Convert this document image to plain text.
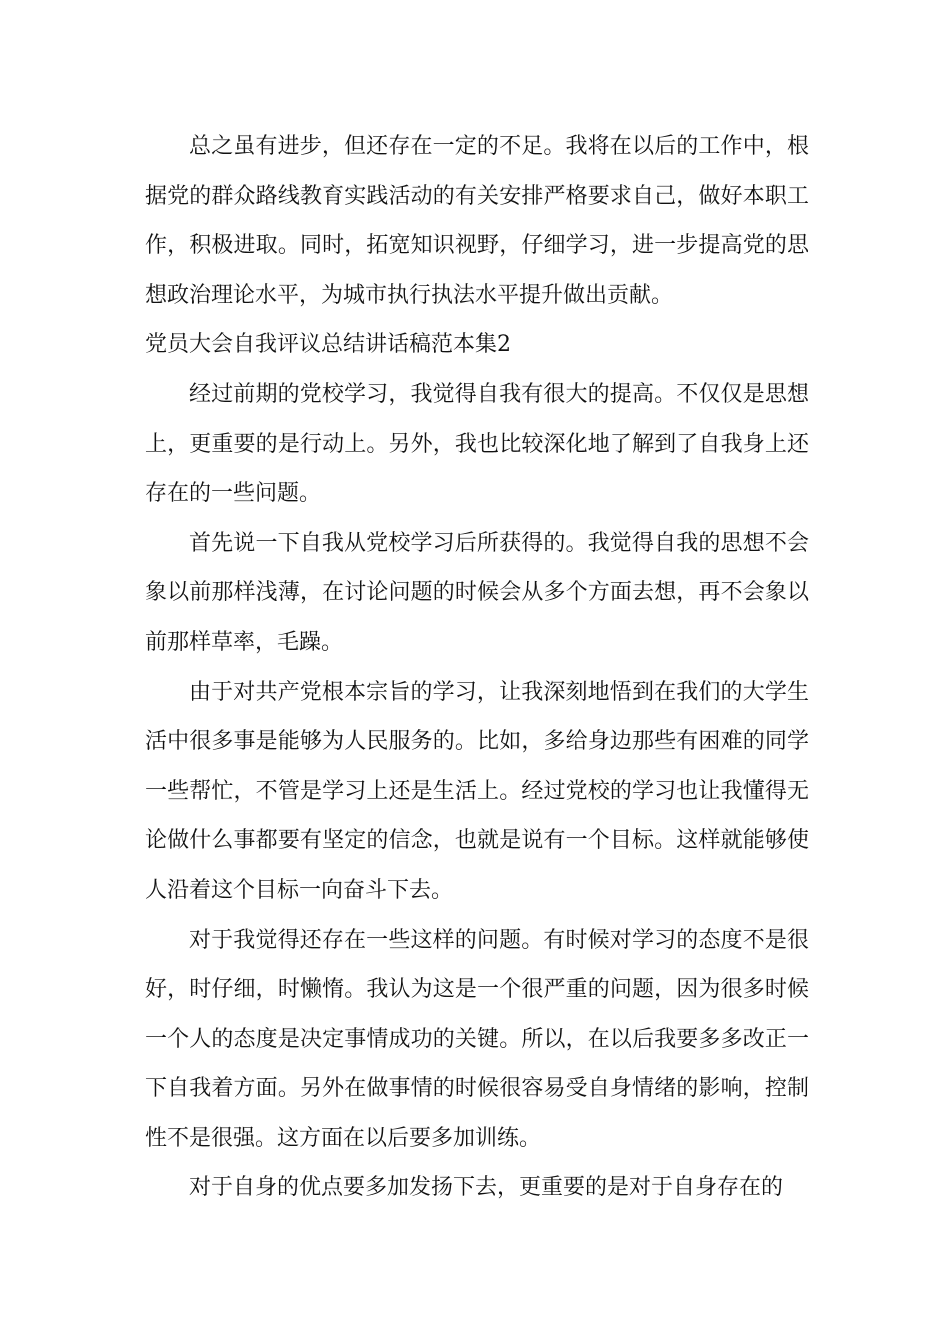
总之虽有进步，但还存在一定的不足。我将在以后的工作中，根据党的群众路线教育实践活动的有关安排严格要求自己，做好本职工作，积极进取。同时，拓宽知识视野，仔细学习，进一步提高党的思想政治理论水平，为城市执行执法水平提升做出贡献。

党员大会自我评议总结讲话稿范本集2

经过前期的党校学习，我觉得自我有很大的提高。不仅仅是思想上，更重要的是行动上。另外，我也比较深化地了解到了自我身上还存在的一些问题。

首先说一下自我从党校学习后所获得的。我觉得自我的思想不会象以前那样浅薄，在讨论问题的时候会从多个方面去想，再不会象以前那样草率，毛躁。

由于对共产党根本宗旨的学习，让我深刻地悟到在我们的大学生活中很多事是能够为人民服务的。比如，多给身边那些有困难的同学一些帮忙，不管是学习上还是生活上。经过党校的学习也让我懂得无论做什么事都要有坚定的信念，也就是说有一个目标。这样就能够使人沿着这个目标一向奋斗下去。

对于我觉得还存在一些这样的问题。有时候对学习的态度不是很好，时仔细，时懒惰。我认为这是一个很严重的问题，因为很多时候一个人的态度是决定事情成功的关键。所以，在以后我要多多改正一下自我着方面。另外在做事情的时候很容易受自身情绪的影响，控制性不是很强。这方面在以后要多加训练。

对于自身的优点要多加发扬下去，更重要的是对于自身存在的
